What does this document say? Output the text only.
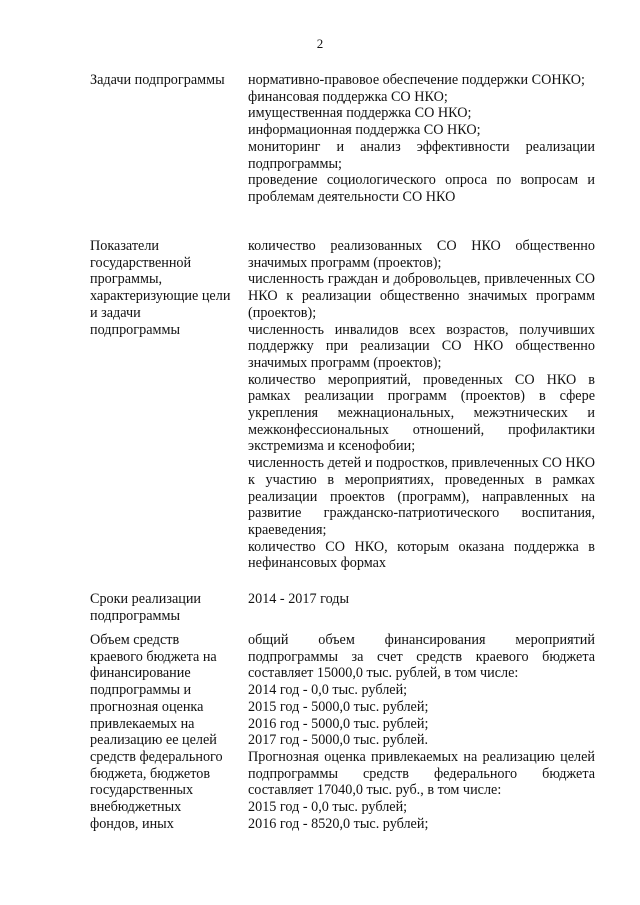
2

Задачи подпрограммы	нормативно-правовое обеспечение поддержки СОНКО;

финансовая поддержка СО НКО;

имущественная поддержка СО НКО;

информационная поддержка СО НКО;

мониторинг и анализ эффективности реализации подпрограммы;

проведение социологического опроса по вопросам и проблемам деятельности СО НКО

Показатели

государственной

программы,

характеризующие цели

и задачи

подпрограммы

количество реализованных СО НКО общественно значимых программ (проектов);

численность граждан и добровольцев, привлеченных СО НКО к реализации общественно значимых программ (проектов);

численность инвалидов всех возрастов, получивших поддержку при реализации СО НКО общественно значимых программ (проектов);

количество мероприятий, проведенных СО НКО в рамках реализации программ (проектов) в сфере укрепления межнациональных, межэтнических и межконфессиональных отношений, профилактики экстремизма и ксенофобии;

численность детей и подростков, привлеченных СО НКО к участию в мероприятиях, проведенных в рамках реализации проектов (программ), направленных на развитие гражданско-патриотического воспитания, краеведения;

количество СО НКО, которым оказана поддержка в нефинансовых формах

Сроки реализации

подпрограммы

2014 - 2017 годы

Объем средств

краевого бюджета на

финансирование

подпрограммы и

прогнозная оценка

привлекаемых на

реализацию ее целей

средств федерального

бюджета, бюджетов

государственных

внебюджетных

фондов, иных

общий объем финансирования мероприятий подпрограммы за счет средств краевого бюджета составляет 15000,0 тыс. рублей, в том числе:

2014 год - 0,0 тыс. рублей;

2015 год - 5000,0 тыс. рублей;

2016 год - 5000,0 тыс. рублей;

2017 год - 5000,0 тыс. рублей.

Прогнозная оценка привлекаемых на реализацию целей подпрограммы средств федерального бюджета составляет 17040,0 тыс. руб., в том числе:

2015 год - 0,0 тыс. рублей;

2016 год - 8520,0 тыс. рублей;
